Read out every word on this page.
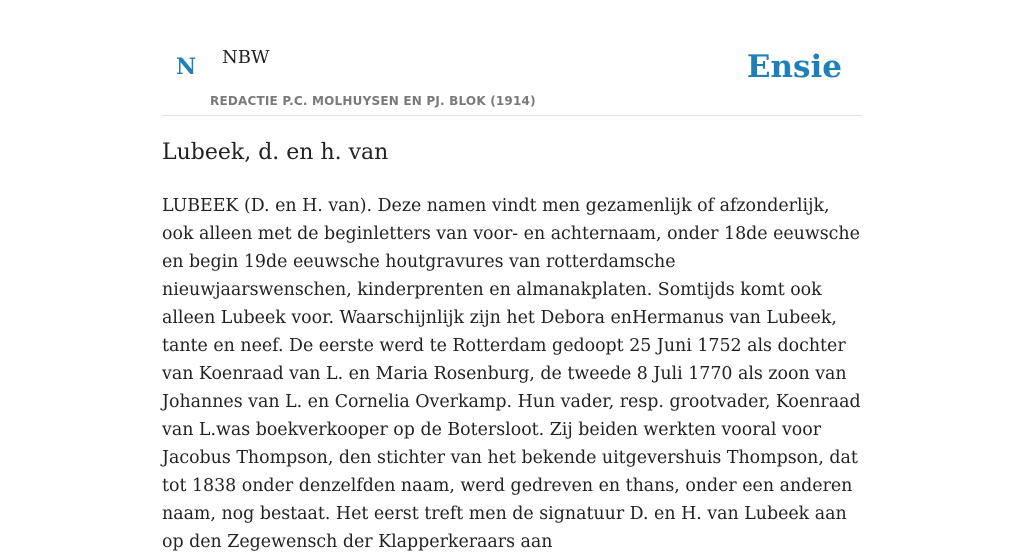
N NBW
REDACTIE P.C. MOLHUYSEN EN PJ. BLOK (1914)
Ensie
Lubeek, d. en h. van

LUBEEK (D. en H. van). Deze namen vindt men gezamenlijk of afzonderlijk, ook alleen met de beginletters van voor- en achternaam, onder 18de eeuwsche en begin 19de eeuwsche houtgravures van rotterdamsche nieuwjaarswenschen, kinderprenten en almanakplaten. Somtijds komt ook alleen Lubeek voor. Waarschijnlijk zijn het Debora enHermanus van Lubeek, tante en neef. De eerste werd te Rotterdam gedoopt 25 Juni 1752 als dochter van Koenraad van L. en Maria Rosenburg, de tweede 8 Juli 1770 als zoon van Johannes van L. en Cornelia Overkamp. Hun vader, resp. grootvader, Koenraad van L.was boekverkooper op de Botersloot. Zij beiden werkten vooral voor Jacobus Thompson, den stichter van het bekende uitgevershuis Thompson, dat tot 1838 onder denzelfden naam, werd gedreven en thans, onder een anderen naam, nog bestaat. Het eerst treft men de signatuur D. en H. van Lubeek aan op den Zegewensch der Klapperkeraars aan
